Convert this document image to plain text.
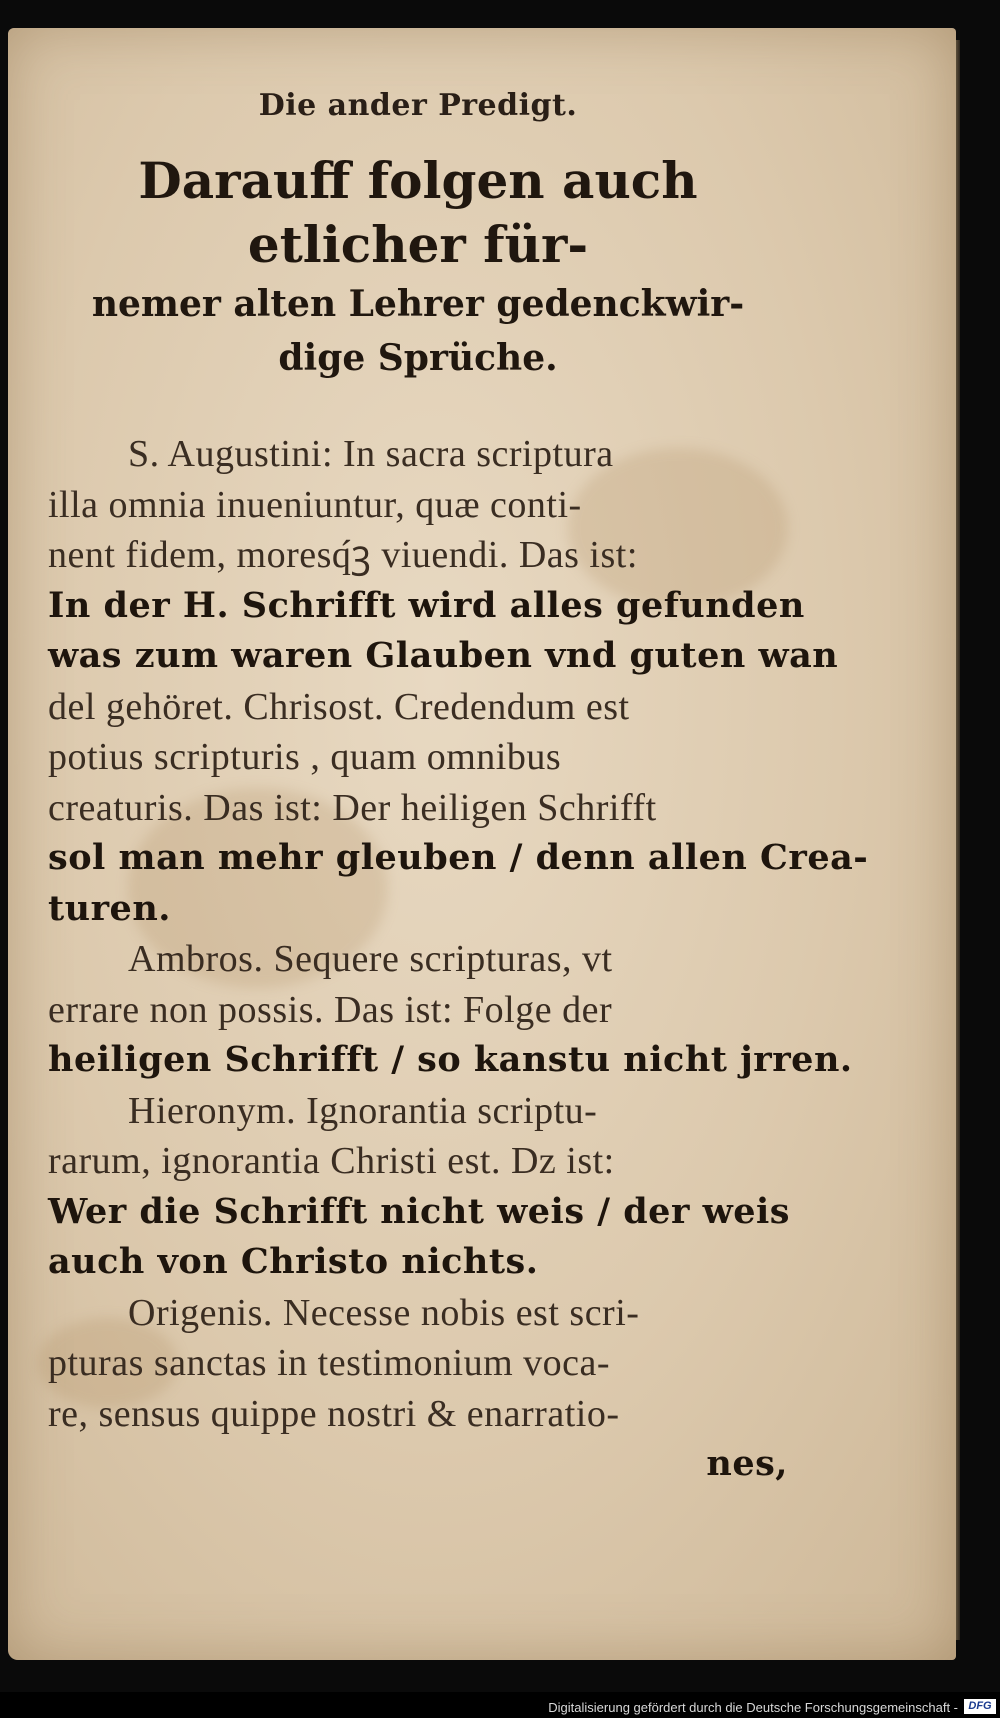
Die ander Predigt.
Darauff folgen auch etlicher für-
nemer alten Lehrer gedenckwir-
dige Sprüche.
S. Augustini: In sacra scriptura
illa omnia inueniuntur, quæ conti-
nent fidem, moresq́ꝫ viuendi. Das ist:
In der H. Schrifft wird alles gefunden
was zum waren Glauben vnd guten wan
del gehöret. Chrisost. Credendum est
potius scripturis , quam omnibus
creaturis. Das ist: Der heiligen Schrifft
sol man mehr gleuben / denn allen Crea-
turen.
Ambros. Sequere scripturas, vt
errare non possis. Das ist: Folge der
heiligen Schrifft / so kanstu nicht jrren.
Hieronym. Ignorantia scriptu-
rarum, ignorantia Christi est. Dz ist:
Wer die Schrifft nicht weis / der weis
auch von Christo nichts.
Origenis. Necesse nobis est scri-
pturas sanctas in testimonium voca-
re, sensus quippe nostri & enarratio-
nes,
Digitalisierung gefördert durch die Deutsche Forschungsgemeinschaft - DFG
